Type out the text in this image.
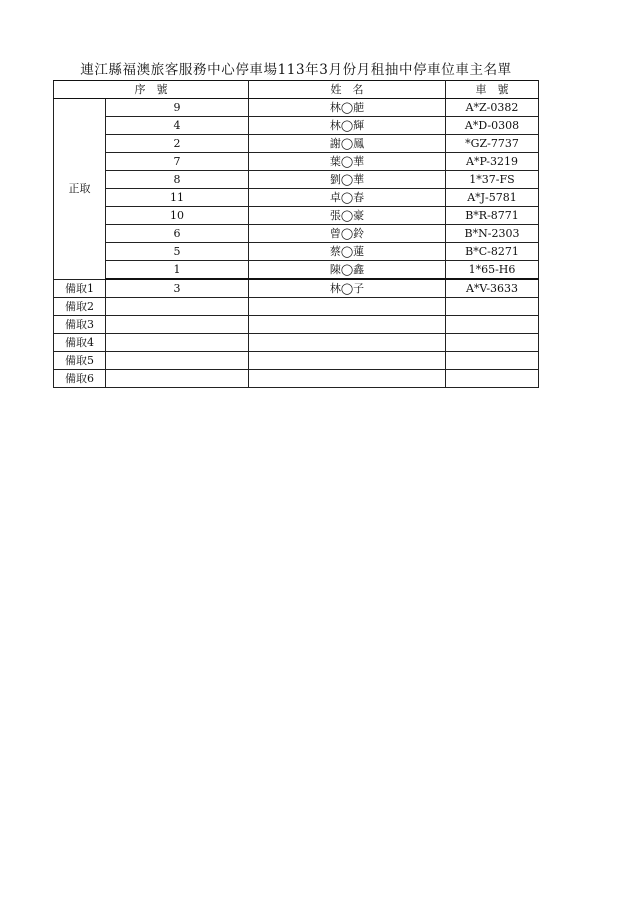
連江縣福澳旅客服務中心停車場113年3月份月租抽中停車位車主名單
序　號		姓　名	車　號
正取	9	林◯萉	A*Z-0382
	4	林◯輝	A*D-0308
	2	謝◯鳳	*GZ-7737
	7	葉◯華	A*P-3219
	8	劉◯華	1*37-FS
	11	卓◯春	A*J-5781
	10	張◯豪	B*R-8771
	6	曾◯鈴	B*N-2303
	5	蔡◯蓮	B*C-8271
	1	陳◯鑫	1*65-H6
備取1	3	林◯子	A*V-3633
備取2			
備取3			
備取4			
備取5			
備取6			
